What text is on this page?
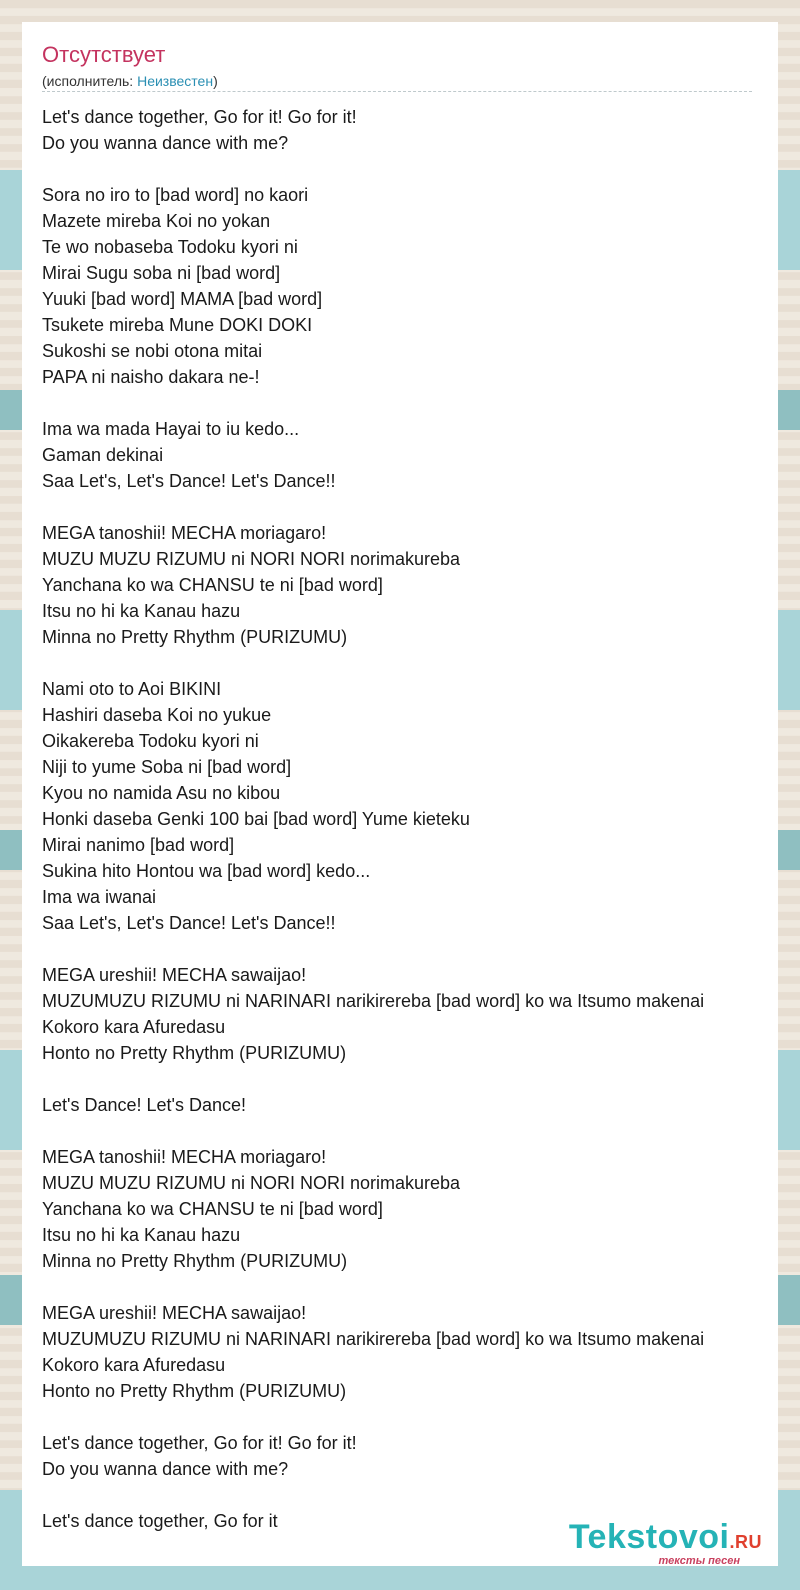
Отсутствует
(исполнитель: Неизвестен)
Let's dance together, Go for it! Go for it!
Do you wanna dance with me?
Sora no iro to [bad word] no kaori
Mazete mireba Koi no yokan
Te wo nobaseba Todoku kyori ni
Mirai Sugu soba ni [bad word]
Yuuki [bad word] MAMA [bad word]
Tsukete mireba Mune DOKI DOKI
Sukoshi se nobi otona mitai
PAPA ni naisho dakara ne-!
Ima wa mada Hayai to iu kedo...
Gaman dekinai
Saa Let's, Let's Dance! Let's Dance!!
MEGA tanoshii! MECHA moriagaro!
MUZU MUZU RIZUMU ni NORI NORI norimakureba
Yanchana ko wa CHANSU te ni [bad word]
Itsu no hi ka Kanau hazu
Minna no Pretty Rhythm (PURIZUMU)
Nami oto to Aoi BIKINI
Hashiri daseba Koi no yukue
Oikakereba Todoku kyori ni
Niji to yume Soba ni [bad word]
Kyou no namida Asu no kibou
Honki daseba Genki 100 bai [bad word] Yume kieteku
Mirai nanimo [bad word]
Sukina hito Hontou wa [bad word] kedo...
Ima wa iwanai
Saa Let's, Let's Dance! Let's Dance!!
MEGA ureshii! MECHA sawaijao!
MUZUMUZU RIZUMU ni NARINARI narikirereba [bad word] ko wa Itsumo makenai
Kokoro kara Afuredasu
Honto no Pretty Rhythm (PURIZUMU)
Let's Dance! Let's Dance!
MEGA tanoshii! MECHA moriagaro!
MUZU MUZU RIZUMU ni NORI NORI norimakureba
Yanchana ko wa CHANSU te ni [bad word]
Itsu no hi ka Kanau hazu
Minna no Pretty Rhythm (PURIZUMU)
MEGA ureshii! MECHA sawaijao!
MUZUMUZU RIZUMU ni NARINARI narikirereba [bad word] ko wa Itsumo makenai
Kokoro kara Afuredasu
Honto no Pretty Rhythm (PURIZUMU)
Let's dance together, Go for it! Go for it!
Do you wanna dance with me?
Let's dance together, Go for it	Tekstovoi.RU
тексты песен
